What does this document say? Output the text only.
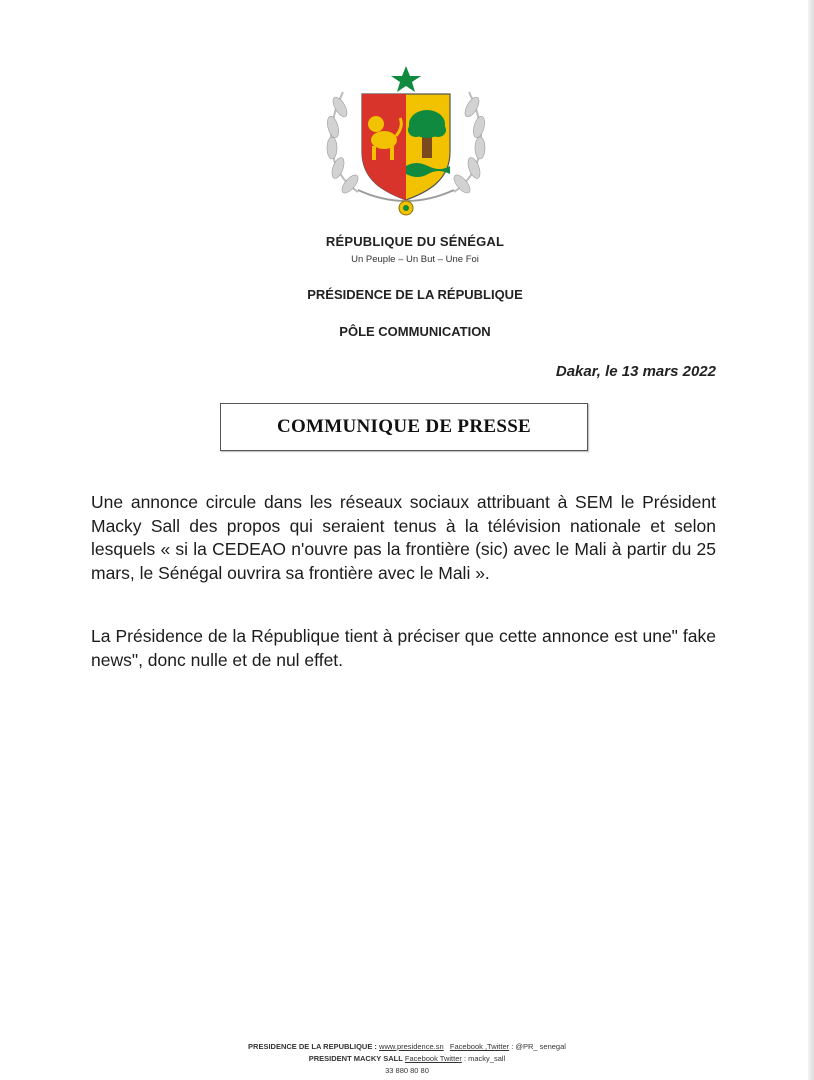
RÉPUBLIQUE DU SÉNÉGAL
Un Peuple – Un But – Une Foi
PRÉSIDENCE DE LA RÉPUBLIQUE
PÔLE COMMUNICATION
Dakar, le 13 mars 2022
COMMUNIQUE DE PRESSE
Une annonce circule dans les réseaux sociaux attribuant à SEM le Président Macky Sall des propos qui seraient tenus à la télévision nationale et selon lesquels « si la CEDEAO n'ouvre pas la frontière (sic) avec le Mali à partir du 25 mars, le Sénégal ouvrira sa frontière avec le Mali ».
La Présidence de la République tient à préciser que cette annonce est une" fake news", donc nulle et de nul effet.
PRESIDENCE DE LA REPUBLIQUE : www.presidence.sn Facebook ,Twitter : @PR_ senegal
PRESIDENT MACKY SALL Facebook Twitter : macky_sall
33 880 80 80
